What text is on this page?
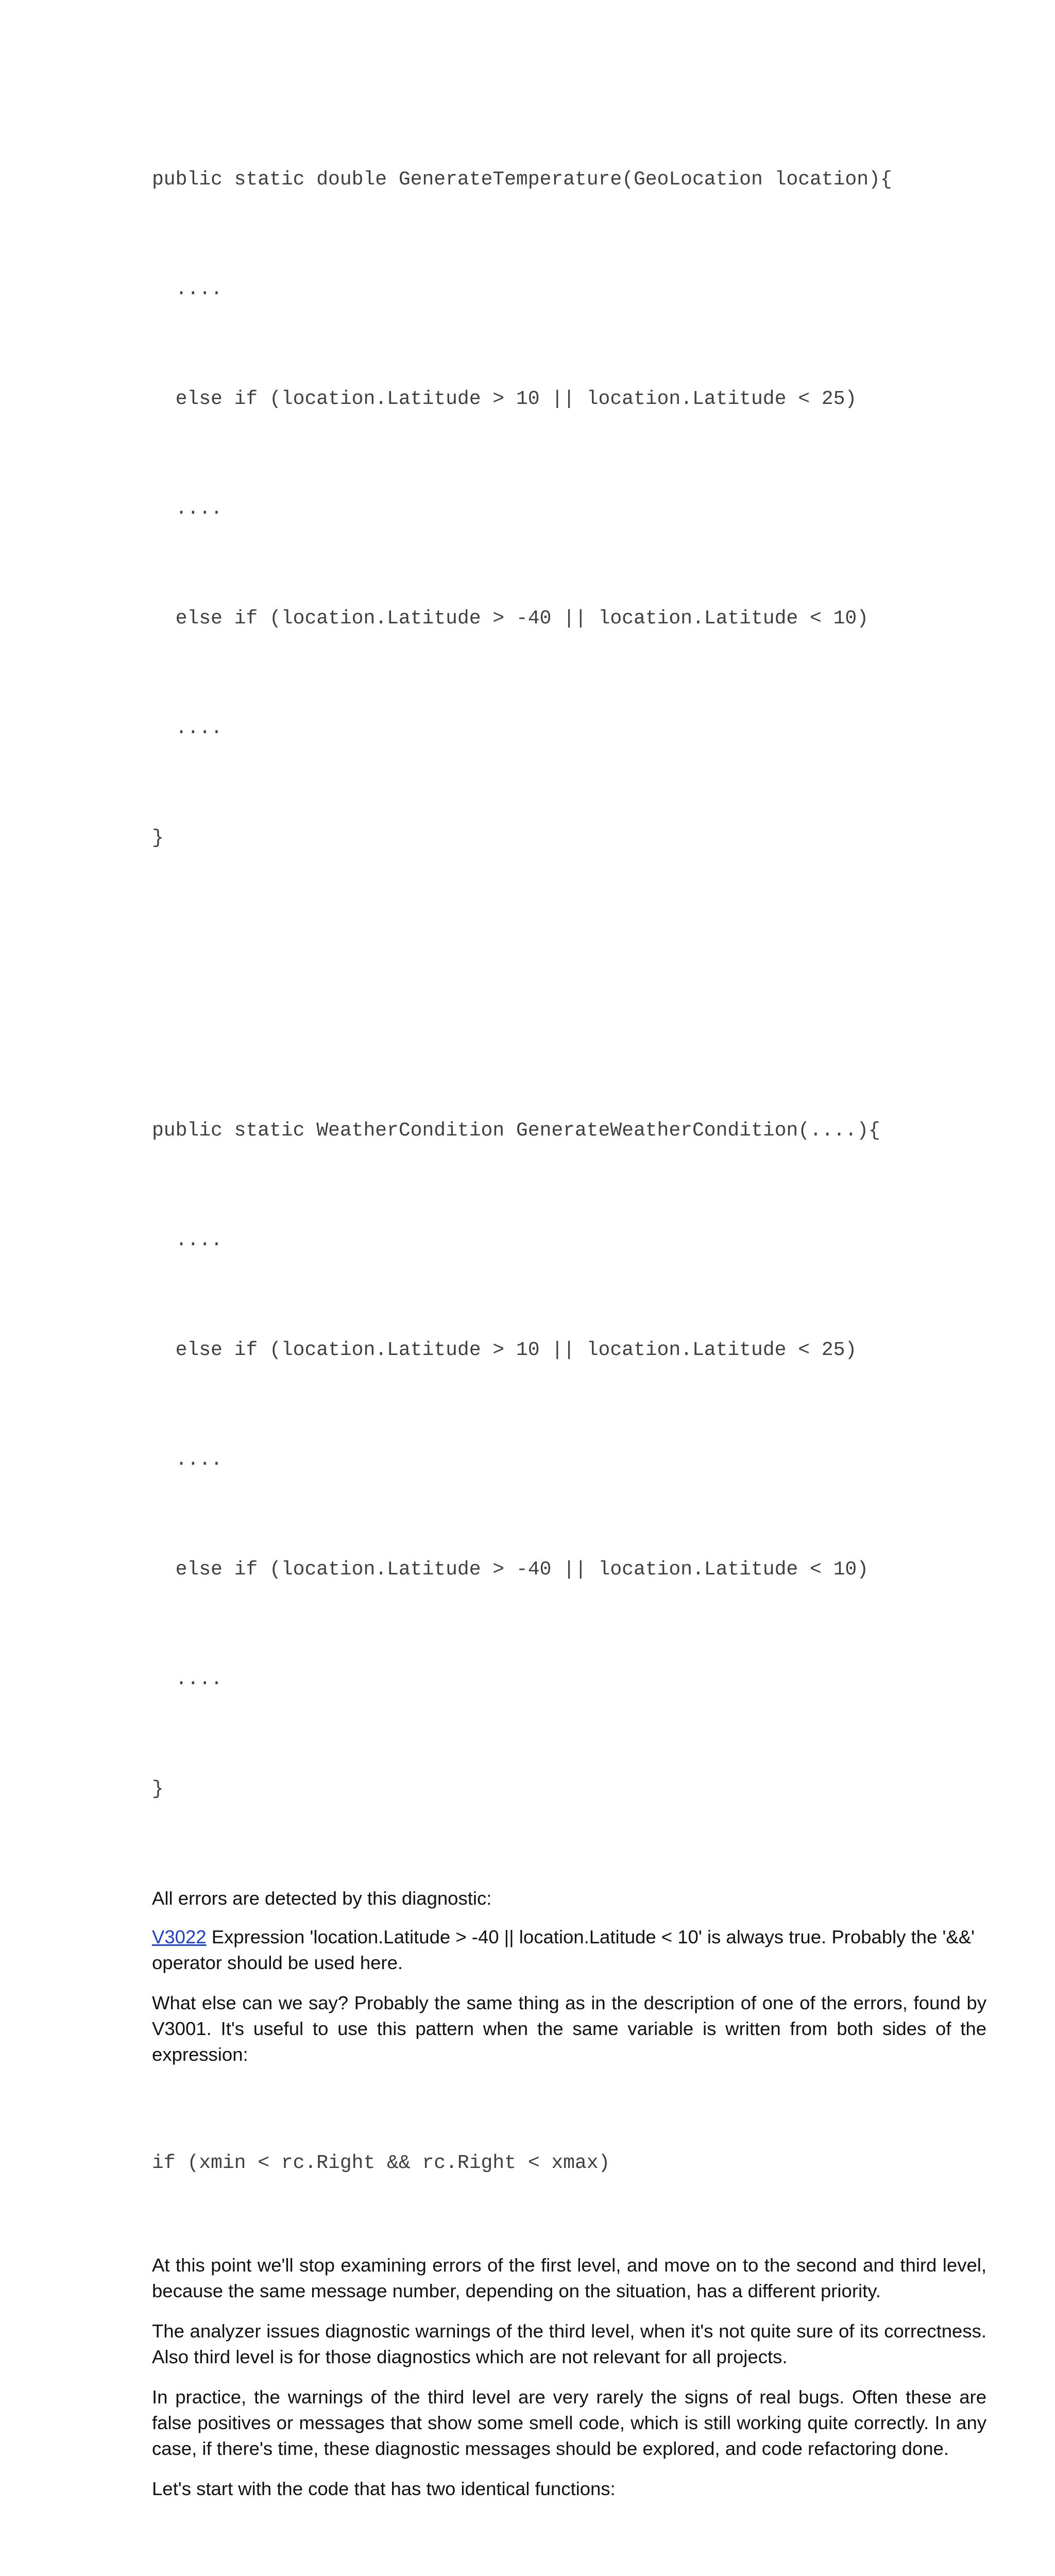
public static double GenerateTemperature(GeoLocation location){

....

else if (location.Latitude > 10 || location.Latitude < 25)

....

else if (location.Latitude > -40 || location.Latitude < 10)

....

}

public static WeatherCondition GenerateWeatherCondition(....){

....

else if (location.Latitude > 10 || location.Latitude < 25)

....

else if (location.Latitude > -40 || location.Latitude < 10)

....

}

All errors are detected by this diagnostic:

V3022 Expression 'location.Latitude > -40 || location.Latitude < 10' is always true. Probably the '&&' operator should be used here.

What else can we say? Probably the same thing as in the description of one of the errors, found by V3001. It's useful to use this pattern when the same variable is written from both sides of the expression:

if (xmin < rc.Right && rc.Right < xmax)

At this point we'll stop examining errors of the first level, and move on to the second and third level, because the same message number, depending on the situation, has a different priority.

The analyzer issues diagnostic warnings of the third level, when it's not quite sure of its correctness. Also third level is for those diagnostics which are not relevant for all projects.

In practice, the warnings of the third level are very rarely the signs of real bugs. Often these are false positives or messages that show some smell code, which is still working quite correctly. In any case, if there's time, these diagnostic messages should be explored, and code refactoring done.

Let's start with the code that has two identical functions:
